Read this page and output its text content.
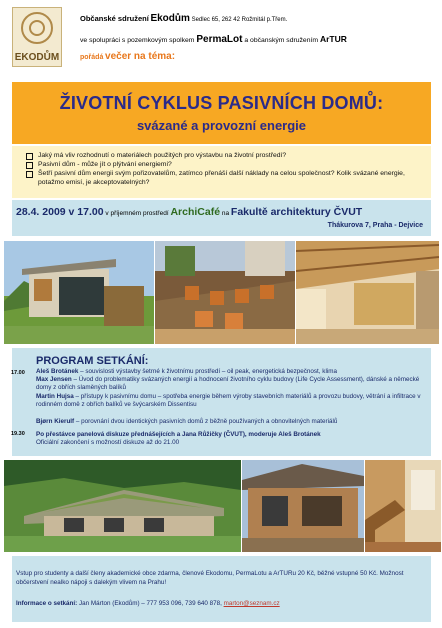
EKODŮM
Občanské sdružení Ekodům Sedlec 65, 262 42 Rožmitál p.Třem.
ve spolupráci s pozemkovým spolkem PermaLot a občanským sdružením ArTUR
pořádá večer na téma:
ŽIVOTNÍ CYKLUS PASIVNÍCH DOMŮ:
svázané a provozní energie
Jaký má vliv rozhodnutí o materiálech použitých pro výstavbu na životní prostředí?
Pasivní dům - může jít o plýtvání energiemi?
Šetří pasivní dům energii svým pořizovatelům, zatímco přenáší další náklady na celou společnost? Kolik svázané energie, potažmo emisí, je akceptovatelných?
28.4. 2009 v 17.00 v příjemném prostředí ArchiCafé na Fakultě architektury ČVUT
Thákurova 7, Praha - Dejvice
PROGRAM SETKÁNÍ:
17.00
19.30
Aleš Brotánek – souvislosti výstavby šetrné k životnímu prostředí – oil peak, energetická bezpečnost, klima
Max Jensen – Úvod do problematiky svázaných energií a hodnocení životního cyklu budovy (Life Cycle Assessment), dánské a německé domy z obřích slaměných balíků
Martin Hujsa – přístupy k pasivnímu domu – spotřeba energie během výroby stavebních materiálů a provozu budovy, větrání a infiltrace v rodinném domě z obřích balíků ve švýcarském Dissentisu
Bjørn Kierulf – porovnání dvou identických pasivních domů z běžně používaných a obnovitelných materiálů
Po přestávce panelová diskuze přednášejících a Jana Růžičky (ČVUT), moderuje Aleš Brotánek
Oficiální zakončení s možností diskuze až do 21.00
Vstup pro studenty a další členy akademické obce zdarma, členové Ekodomu, PermaLotu a ArTURu 20 Kč, běžné vstupné 50 Kč. Možnost občerstvení nealko nápoji s dalekým vlivem na Prahu!
Informace o setkání: Jan Márton (Ekodům) – 777 953 096, 739 640 878, marton@seznam.cz
